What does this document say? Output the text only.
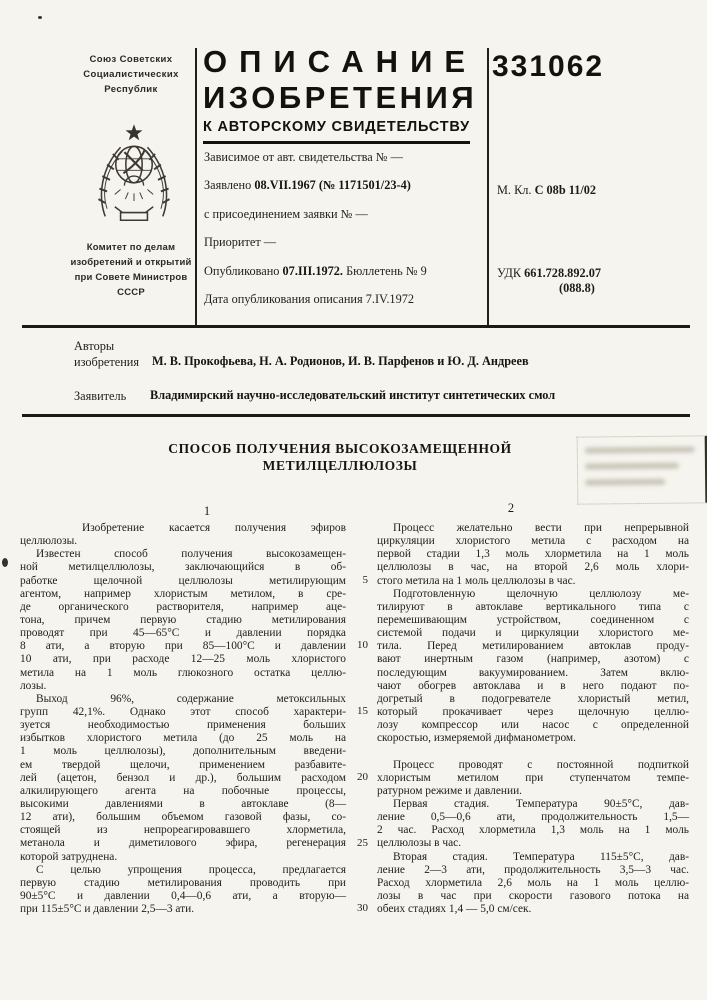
Союз Советских
Социалистических
Республик
Комитет по делам
изобретений и открытий
при Совете Министров
СССР
ОПИСАНИЕ
ИЗОБРЕТЕНИЯ
К АВТОРСКОМУ СВИДЕТЕЛЬСТВУ
331062
Зависимое от авт. свидетельства № —
Заявлено 08.VII.1967 (№ 1171501/23-4)
с присоединением заявки № —
Приоритет —
Опубликовано 07.III.1972. Бюллетень № 9
Дата опубликования описания 7.IV.1972
М. Кл. С 08b 11/02
УДК 661.728.892.07
(088.8)
Авторы
изобретения М. В. Прокофьева, Н. А. Родионов, И. В. Парфенов и Ю. Д. Андреев
Заявитель Владимирский научно-исследовательский институт синтетических смол
СПОСОБ ПОЛУЧЕНИЯ ВЫСОКОЗАМЕЩЕННОЙ
МЕТИЛЦЕЛЛЮЛОЗЫ
1	2
Изобретение касается получения эфиров
целлюлозы.
Известен способ получения высокозамещен-
ной метилцеллюлозы, заключающийся в об-
работке щелочной целлюлозы метилирующим
агентом, например хлористым метилом, в сре-
де органического растворителя, например аце-
тона, причем первую стадию метилирования
проводят при 45—65°С и давлении порядка
8 ати, а вторую при 85—100°С и давлении
10 ати, при расходе 12—25 моль хлористого
метила на 1 моль глюкозного остатка целлю-
лозы.
Выход 96%, содержание метоксильных
групп 42,1%. Однако этот способ характери-
зуется необходимостью применения больших
избытков хлористого метила (до 25 моль на
1 моль целлюлозы), дополнительным введени-
ем твердой щелочи, применением разбавите-
лей (ацетон, бензол и др.), большим расходом
алкилирующего агента на побочные процессы,
высокими давлениями в автоклаве (8—
12 ати), большим объемом газовой фазы, со-
стоящей из непрореагировавшего хлорметила,
метанола и диметилового эфира, регенерация
которой затруднена.
С целью упрощения процесса, предлагается
первую стадию метилирования проводить при
90±5°С и давлении 0,4—0,6 ати, а вторую—
при 115±5°С и давлении 2,5—3 ати.
5
10
15
20
25
30
Процесс желательно вести при непрерывной
циркуляции хлористого метила с расходом на
первой стадии 1,3 моль хлорметила на 1 моль
целлюлозы в час, на второй 2,6 моль хлори-
стого метила на 1 моль целлюлозы в час.
Подготовленную щелочную целлюлозу ме-
тилируют в автоклаве вертикального типа с
перемешивающим устройством, соединенном с
системой подачи и циркуляции хлористого ме-
тила. Перед метилированием автоклав проду-
вают инертным газом (например, азотом) с
последующим вакуумированием. Затем вклю-
чают обогрев автоклава и в него подают по-
догретый в подогревателе хлористый метил,
который прокачивает через щелочную целлю-
лозу компрессор или насос с определенной
скоростью, измеряемой дифманометром.

Процесс проводят с постоянной подпиткой
хлористым метилом при ступенчатом темпе-
ратурном режиме и давлении.
Первая стадия. Температура 90±5°С, дав-
ление 0,5—0,6 ати, продолжительность 1,5—
2 час. Расход хлорметила 1,3 моль на 1 моль
целлюлозы в час.
Вторая стадия. Температура 115±5°С, дав-
ление 2—3 ати, продолжительность 3,5—3 час.
Расход хлорметила 2,6 моль на 1 моль целлю-
лозы в час при скорости газового потока на
обеих стадиях 1,4 — 5,0 см/сек.
